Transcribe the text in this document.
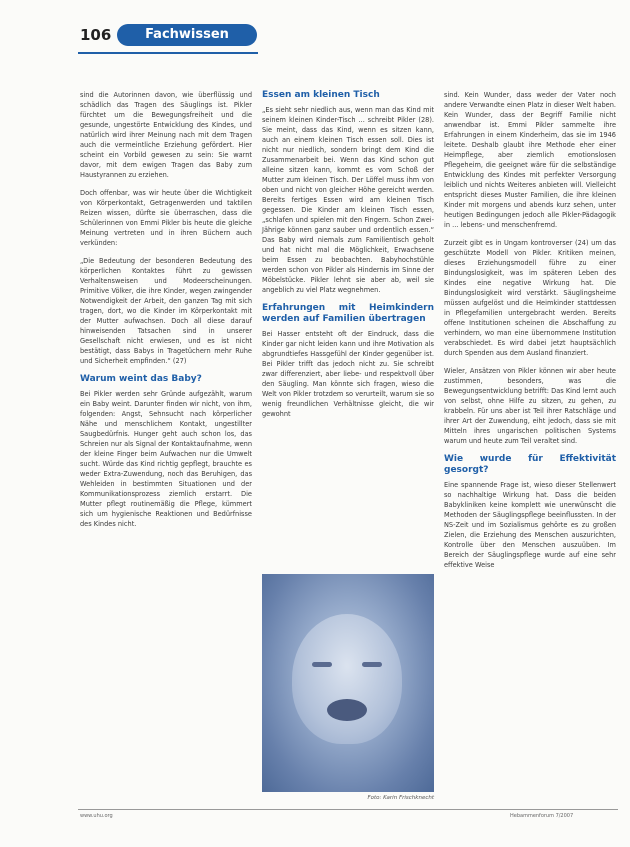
106	Fachwissen

sind die Autorinnen davon, wie überflüssig und schädlich das Tragen des Säuglings ist. Pikler fürchtet um die Bewegungsfreiheit und die gesunde, ungestörte Entwicklung des Kindes, und natürlich wird ihrer Meinung nach mit dem Tragen auch die vermeintliche Erziehung gefördert. Hier scheint ein Vorbild gewesen zu sein: Sie warnt davor, mit dem ewigen Tragen das Baby zum Haustyrannen zu erziehen.

Doch offenbar, was wir heute über die Wichtigkeit von Körperkontakt, Getragenwerden und taktilen Reizen wissen, dürfte sie überraschen, dass die Schülerinnen von Emmi Pikler bis heute die gleiche Meinung vertreten und in ihren Büchern auch verkünden:

„Die Bedeutung der besonderen Bedeutung des körperlichen Kontaktes führt zu gewissen Verhaltensweisen und Modeerscheinungen. Primitive Völker, die ihre Kinder, wegen zwingender Notwendigkeit der Arbeit, den ganzen Tag mit sich tragen, dort, wo die Kinder im Körperkontakt mit der Mutter aufwachsen. Doch all diese darauf hinweisenden Tatsachen sind in unserer Gesellschaft nicht erwiesen, und es ist nicht bestätigt, dass Babys in Tragetüchern mehr Ruhe und Sicherheit empfinden.“ (27)

Warum weint das Baby?

Bei Pikler werden sehr Gründe aufgezählt, warum ein Baby weint. Darunter finden wir nicht, von ihm, folgenden: Angst, Sehnsucht nach körperlicher Nähe und menschlichem Kontakt, ungestillter Saugbedürfnis. Hunger geht auch schon los, das Schreien nur als Signal der Kontaktaufnahme, wenn der kleine Finger beim Aufwachen nur die Umwelt sucht. Würde das Kind richtig gepflegt, brauchte es weder Extra-Zuwendung, noch das Beruhigen, das Wehleiden in bestimmten Situationen und der Kommunikationsprozess ziemlich erstarrt. Die Mutter pflegt routinemäßig die Pflege, kümmert sich um hygienische Reaktionen und Bedürfnisse des Kindes nicht.

Essen am kleinen Tisch

„Es sieht sehr niedlich aus, wenn man das Kind mit seinem kleinen Kinder-Tisch ... schreibt Pikler (28). Sie meint, dass das Kind, wenn es sitzen kann, auch an einem kleinen Tisch essen soll. Dies ist nicht nur niedlich, sondern bringt dem Kind die Zusammenarbeit bei. Wenn das Kind schon gut alleine sitzen kann, kommt es vom Schoß der Mutter zum kleinen Tisch. Der Löffel muss ihm von oben und nicht von gleicher Höhe gereicht werden. Bereits fertiges Essen wird am kleinen Tisch gegessen. Die Kinder am kleinen Tisch essen, „schlafen und spielen mit den Fingern. Schon Zwei-Jährige können ganz sauber und ordentlich essen.“ Das Baby wird niemals zum Familientisch geholt und hat nicht mal die Möglichkeit, Erwachsene beim Essen zu beobachten. Babyhochstühle werden schon von Pikler als Hindernis im Sinne der Möbelstücke. Pikler lehnt sie aber ab, weil sie angeblich zu viel Platz wegnehmen.

Erfahrungen mit Heimkindern werden auf Familien übertragen

Bei Hasser entsteht oft der Eindruck, dass die Kinder gar nicht leiden kann und ihre Motivation als abgrundtiefes Hassgefühl der Kinder gegenüber ist. Bei Pikler trifft das jedoch nicht zu. Sie schreibt zwar differenziert, aber liebe- und respektvoll über den Säugling. Man könnte sich fragen, wieso die Welt von Pikler trotzdem so verurteilt, warum sie so wenig freundlichen Verhältnisse gleicht, die wir gewohnt

Foto: Karin Frischknecht

sind. Kein Wunder, dass weder der Vater noch andere Verwandte einen Platz in dieser Welt haben. Kein Wunder, dass der Begriff Familie nicht anwendbar ist. Emmi Pikler sammelte ihre Erfahrungen in einem Kinderheim, das sie im 1946 leitete. Deshalb glaubt ihre Methode eher einer Heimpflege, aber ziemlich emotionslosen Pflegeheim, die geeignet wäre für die selbständige Entwicklung des Kindes mit perfekter Versorgung leiblich und nichts Weiteres anbieten will. Vielleicht entspricht dieses Muster Familien, die ihre kleinen Kinder mit morgens und abends kurz sehen, unter heutigen Bedingungen jedoch alle Pikler-Pädagogik in ... lebens- und menschenfremd.

Zurzeit gibt es in Ungarn kontroverser (24) um das geschützte Modell von Pikler. Kritiken meinen, dieses Erziehungsmodell führe zu einer Bindungslosigkeit, was im späteren Leben des Kindes eine negative Wirkung hat. Die Bindungslosigkeit wird verstärkt. Säuglingsheime müssen aufgelöst und die Heimkinder stattdessen in Pflegefamilien untergebracht werden. Bereits offene Institutionen scheinen die Abschaffung zu verhindern, wo man eine übernommene Institution verabschiedet. Es wird dabei jetzt hauptsächlich durch Spenden aus dem Ausland finanziert.

Wieler, Ansätzen von Pikler können wir aber heute zustimmen, besonders, was die Bewegungsentwicklung betrifft: Das Kind lernt auch von selbst, ohne Hilfe zu sitzen, zu gehen, zu krabbeln. Für uns aber ist Teil ihrer Ratschläge und ihrer Art der Zuwendung, eiht jedoch, dass sie mit Mitteln ihres ungarischen politischen Systems warum und heute zum Teil veraltet sind.

Wie wurde für Effektivität gesorgt?

Eine spannende Frage ist, wieso dieser Stellenwert so nachhaltige Wirkung hat. Dass die beiden Babykliniken keine komplett wie unerwünscht die Methoden der Säuglingspflege beeinflussten. In der NS-Zeit und im Sozialismus gehörte es zu großen Zielen, die Erziehung des Menschen auszurichten, Kontrolle über den Menschen auszuüben. Im Bereich der Säuglingspflege wurde auf eine sehr effektive Weise

www.uhu.org	Hebammenforum 7/2007
